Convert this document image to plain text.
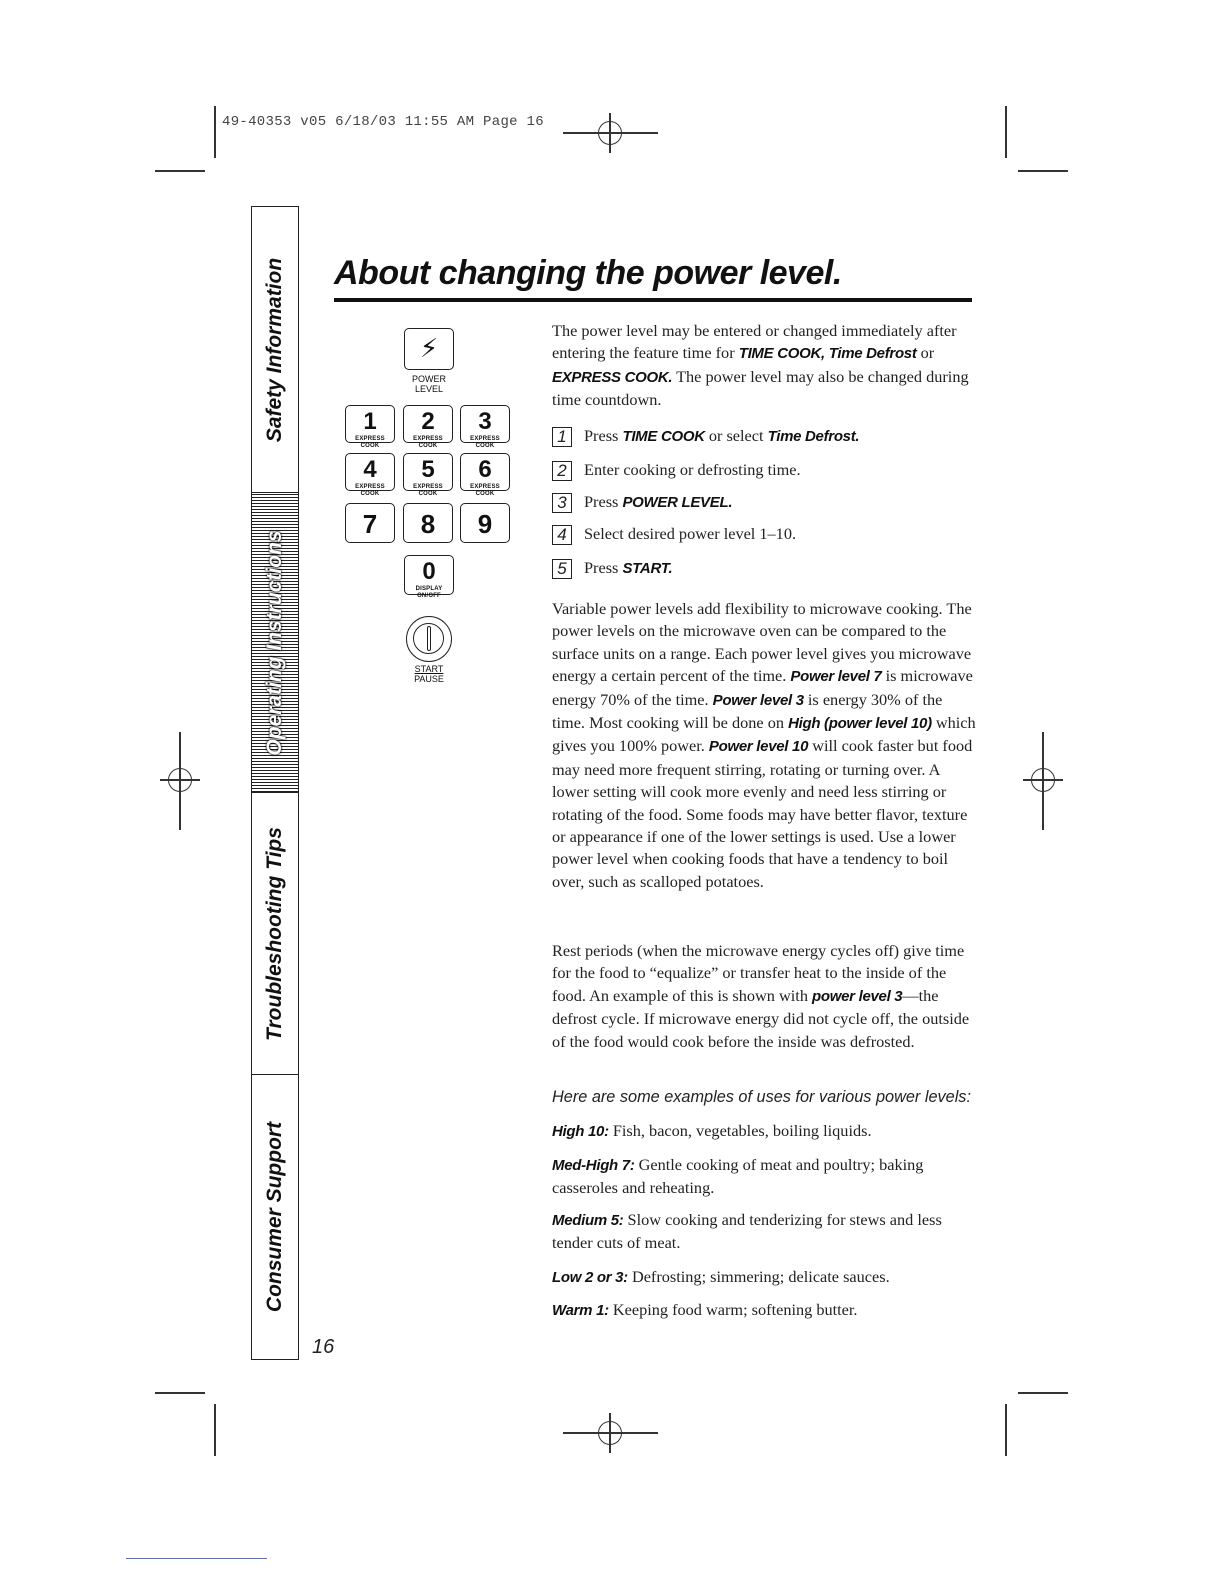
49-40353 v05 6/18/03 11:55 AM Page 16
Safety Information
Operating Instructions
Troubleshooting Tips
Consumer Support
16
About changing the power level.
⚡︎
POWER
LEVEL
1
EXPRESS COOK
2
EXPRESS COOK
3
EXPRESS COOK
4
EXPRESS COOK
5
EXPRESS COOK
6
EXPRESS COOK
7	8	9
0
DISPLAY ON/OFF
START
PAUSE

The power level may be entered or changed immediately after entering the feature time for TIME COOK, Time Defrost or EXPRESS COOK. The power level may also be changed during time countdown.

1 Press TIME COOK or select Time Defrost.
2 Enter cooking or defrosting time.
3 Press POWER LEVEL.
4 Select desired power level 1–10.
5 Press START.

Variable power levels add flexibility to microwave cooking. The power levels on the microwave oven can be compared to the surface units on a range. Each power level gives you microwave energy a certain percent of the time. Power level 7 is microwave energy 70% of the time. Power level 3 is energy 30% of the time. Most cooking will be done on High (power level 10) which gives you 100% power. Power level 10 will cook faster but food may need more frequent stirring, rotating or turning over. A lower setting will cook more evenly and need less stirring or rotating of the food. Some foods may have better flavor, texture or appearance if one of the lower settings is used. Use a lower power level when cooking foods that have a tendency to boil over, such as scalloped potatoes.

Rest periods (when the microwave energy cycles off) give time for the food to “equalize” or transfer heat to the inside of the food. An example of this is shown with power level 3—the defrost cycle. If microwave energy did not cycle off, the outside of the food would cook before the inside was defrosted.

Here are some examples of uses for various power levels:
High 10: Fish, bacon, vegetables, boiling liquids.
Med-High 7: Gentle cooking of meat and poultry; baking casseroles and reheating.
Medium 5: Slow cooking and tenderizing for stews and less tender cuts of meat.
Low 2 or 3: Defrosting; simmering; delicate sauces.
Warm 1: Keeping food warm; softening butter.
